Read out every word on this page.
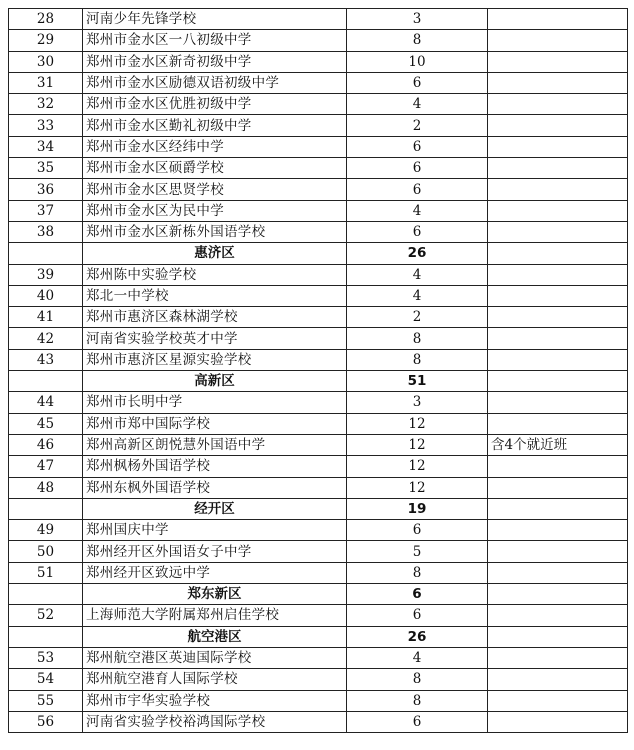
28	河南少年先锋学校	3	
29	郑州市金水区一八初级中学	8	
30	郑州市金水区新奇初级中学	10	
31	郑州市金水区励德双语初级中学	6	
32	郑州市金水区优胜初级中学	4	
33	郑州市金水区勤礼初级中学	2	
34	郑州市金水区经纬中学	6	
35	郑州市金水区硕爵学校	6	
36	郑州市金水区思贤学校	6	
37	郑州市金水区为民中学	4	
38	郑州市金水区新栋外国语学校	6	
	惠济区	26	
39	郑州陈中实验学校	4	
40	郑北一中学校	4	
41	郑州市惠济区森林湖学校	2	
42	河南省实验学校英才中学	8	
43	郑州市惠济区星源实验学校	8	
	高新区	51	
44	郑州市长明中学	3	
45	郑州市郑中国际学校	12	
46	郑州高新区朗悦慧外国语中学	12	含4个就近班
47	郑州枫杨外国语学校	12	
48	郑州东枫外国语学校	12	
	经开区	19	
49	郑州国庆中学	6	
50	郑州经开区外国语女子中学	5	
51	郑州经开区致远中学	8	
	郑东新区	6	
52	上海师范大学附属郑州启佳学校	6	
	航空港区	26	
53	郑州航空港区英迪国际学校	4	
54	郑州航空港育人国际学校	8	
55	郑州市宇华实验学校	8	
56	河南省实验学校裕鸿国际学校	6	
